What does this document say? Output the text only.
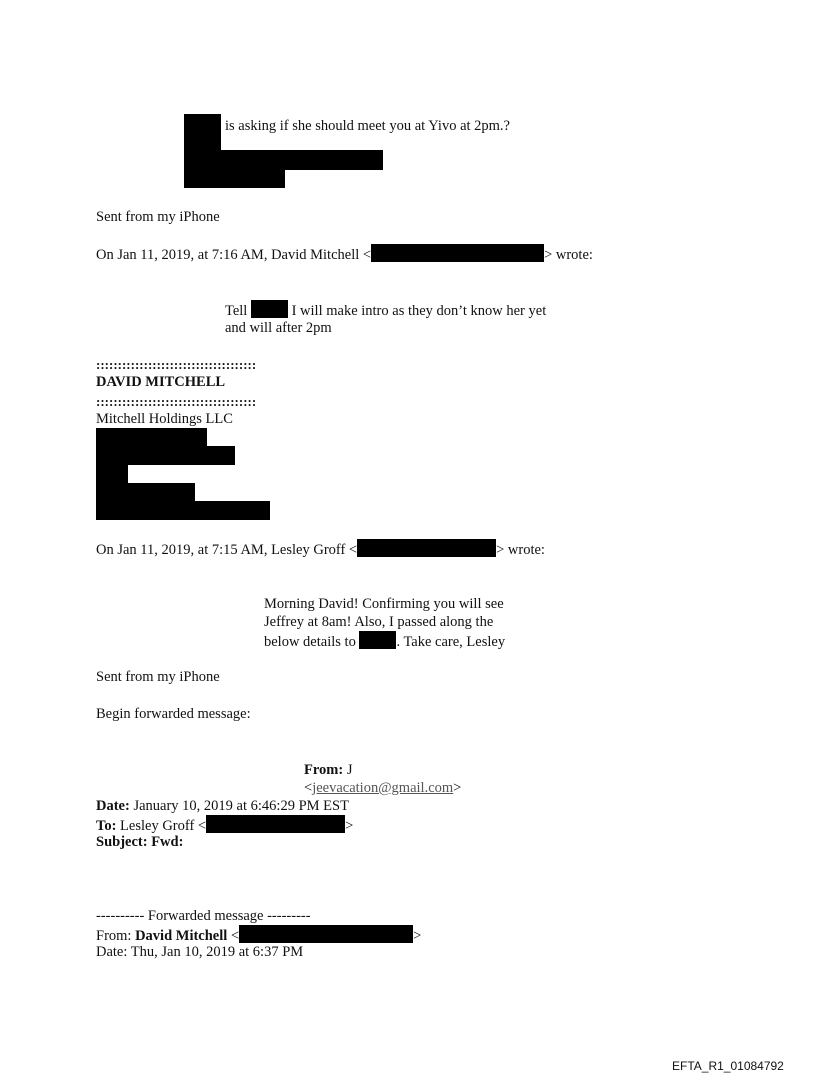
is asking if she should meet you at Yivo at 2pm.?
Sent from my iPhone
On Jan 11, 2019, at 7:16 AM, David Mitchell <	> wrote:
Tell	I will make intro as they don’t know her yet
and will after 2pm
:::::::::::::::::::::::::::::::::::::
DAVID MITCHELL
:::::::::::::::::::::::::::::::::::::
Mitchell Holdings LLC
On Jan 11, 2019, at 7:15 AM, Lesley Groff <	> wrote:
Morning David! Confirming you will see
Jeffrey at 8am! Also, I passed along the
below details to	. Take care, Lesley
Sent from my iPhone
Begin forwarded message:
From: J
<jeevacation@gmail.com>
Date: January 10, 2019 at 6:46:29 PM EST
To: Lesley Groff <	>
Subject: Fwd:
---------- Forwarded message ---------
From: David Mitchell <	>
Date: Thu, Jan 10, 2019 at 6:37 PM
EFTA_R1_01084792
